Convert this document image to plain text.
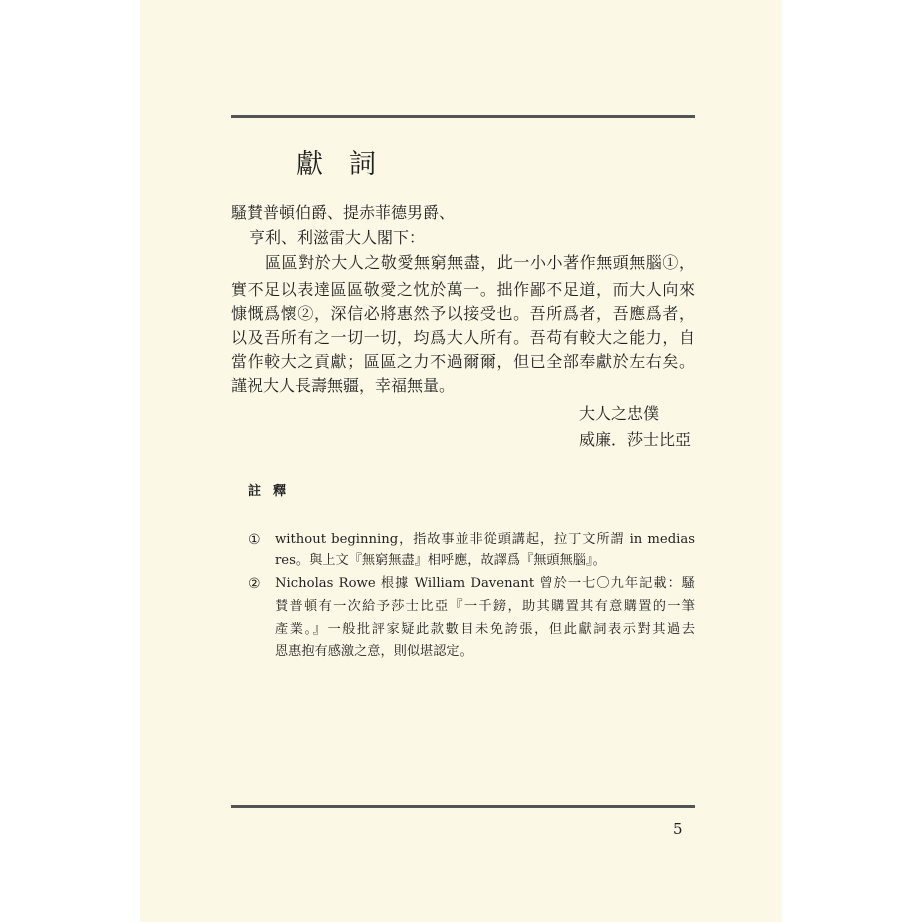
獻詞
騷賛普頓伯爵、提赤菲德男爵、
亨利、利滋雷大人閣下：
區區對於大人之敬愛無窮無盡，此一小小著作無頭無腦①，
實不足以表達區區敬愛之忱於萬一。拙作鄙不足道，而大人向來
慷慨爲懷②，深信必將惠然予以接受也。吾所爲者，吾應爲者，
以及吾所有之一切一切，均爲大人所有。吾苟有較大之能力，自
當作較大之貢獻；區區之力不過爾爾，但已全部奉獻於左右矣。
謹祝大人長壽無疆，幸福無量。
大人之忠僕
威廉．莎士比亞
註釋
① without beginning，指故事並非從頭講起，拉丁文所謂 in medias
res。與上文『無窮無盡』相呼應，故譯爲『無頭無腦』。
② Nicholas Rowe 根據 William Davenant 曾於一七〇九年記載：騷
賛普頓有一次給予莎士比亞『一千鎊，助其購置其有意購置的一筆
產業。』一般批評家疑此款數目未免誇張，但此獻詞表示對其過去
恩惠抱有感激之意，則似堪認定。
5
